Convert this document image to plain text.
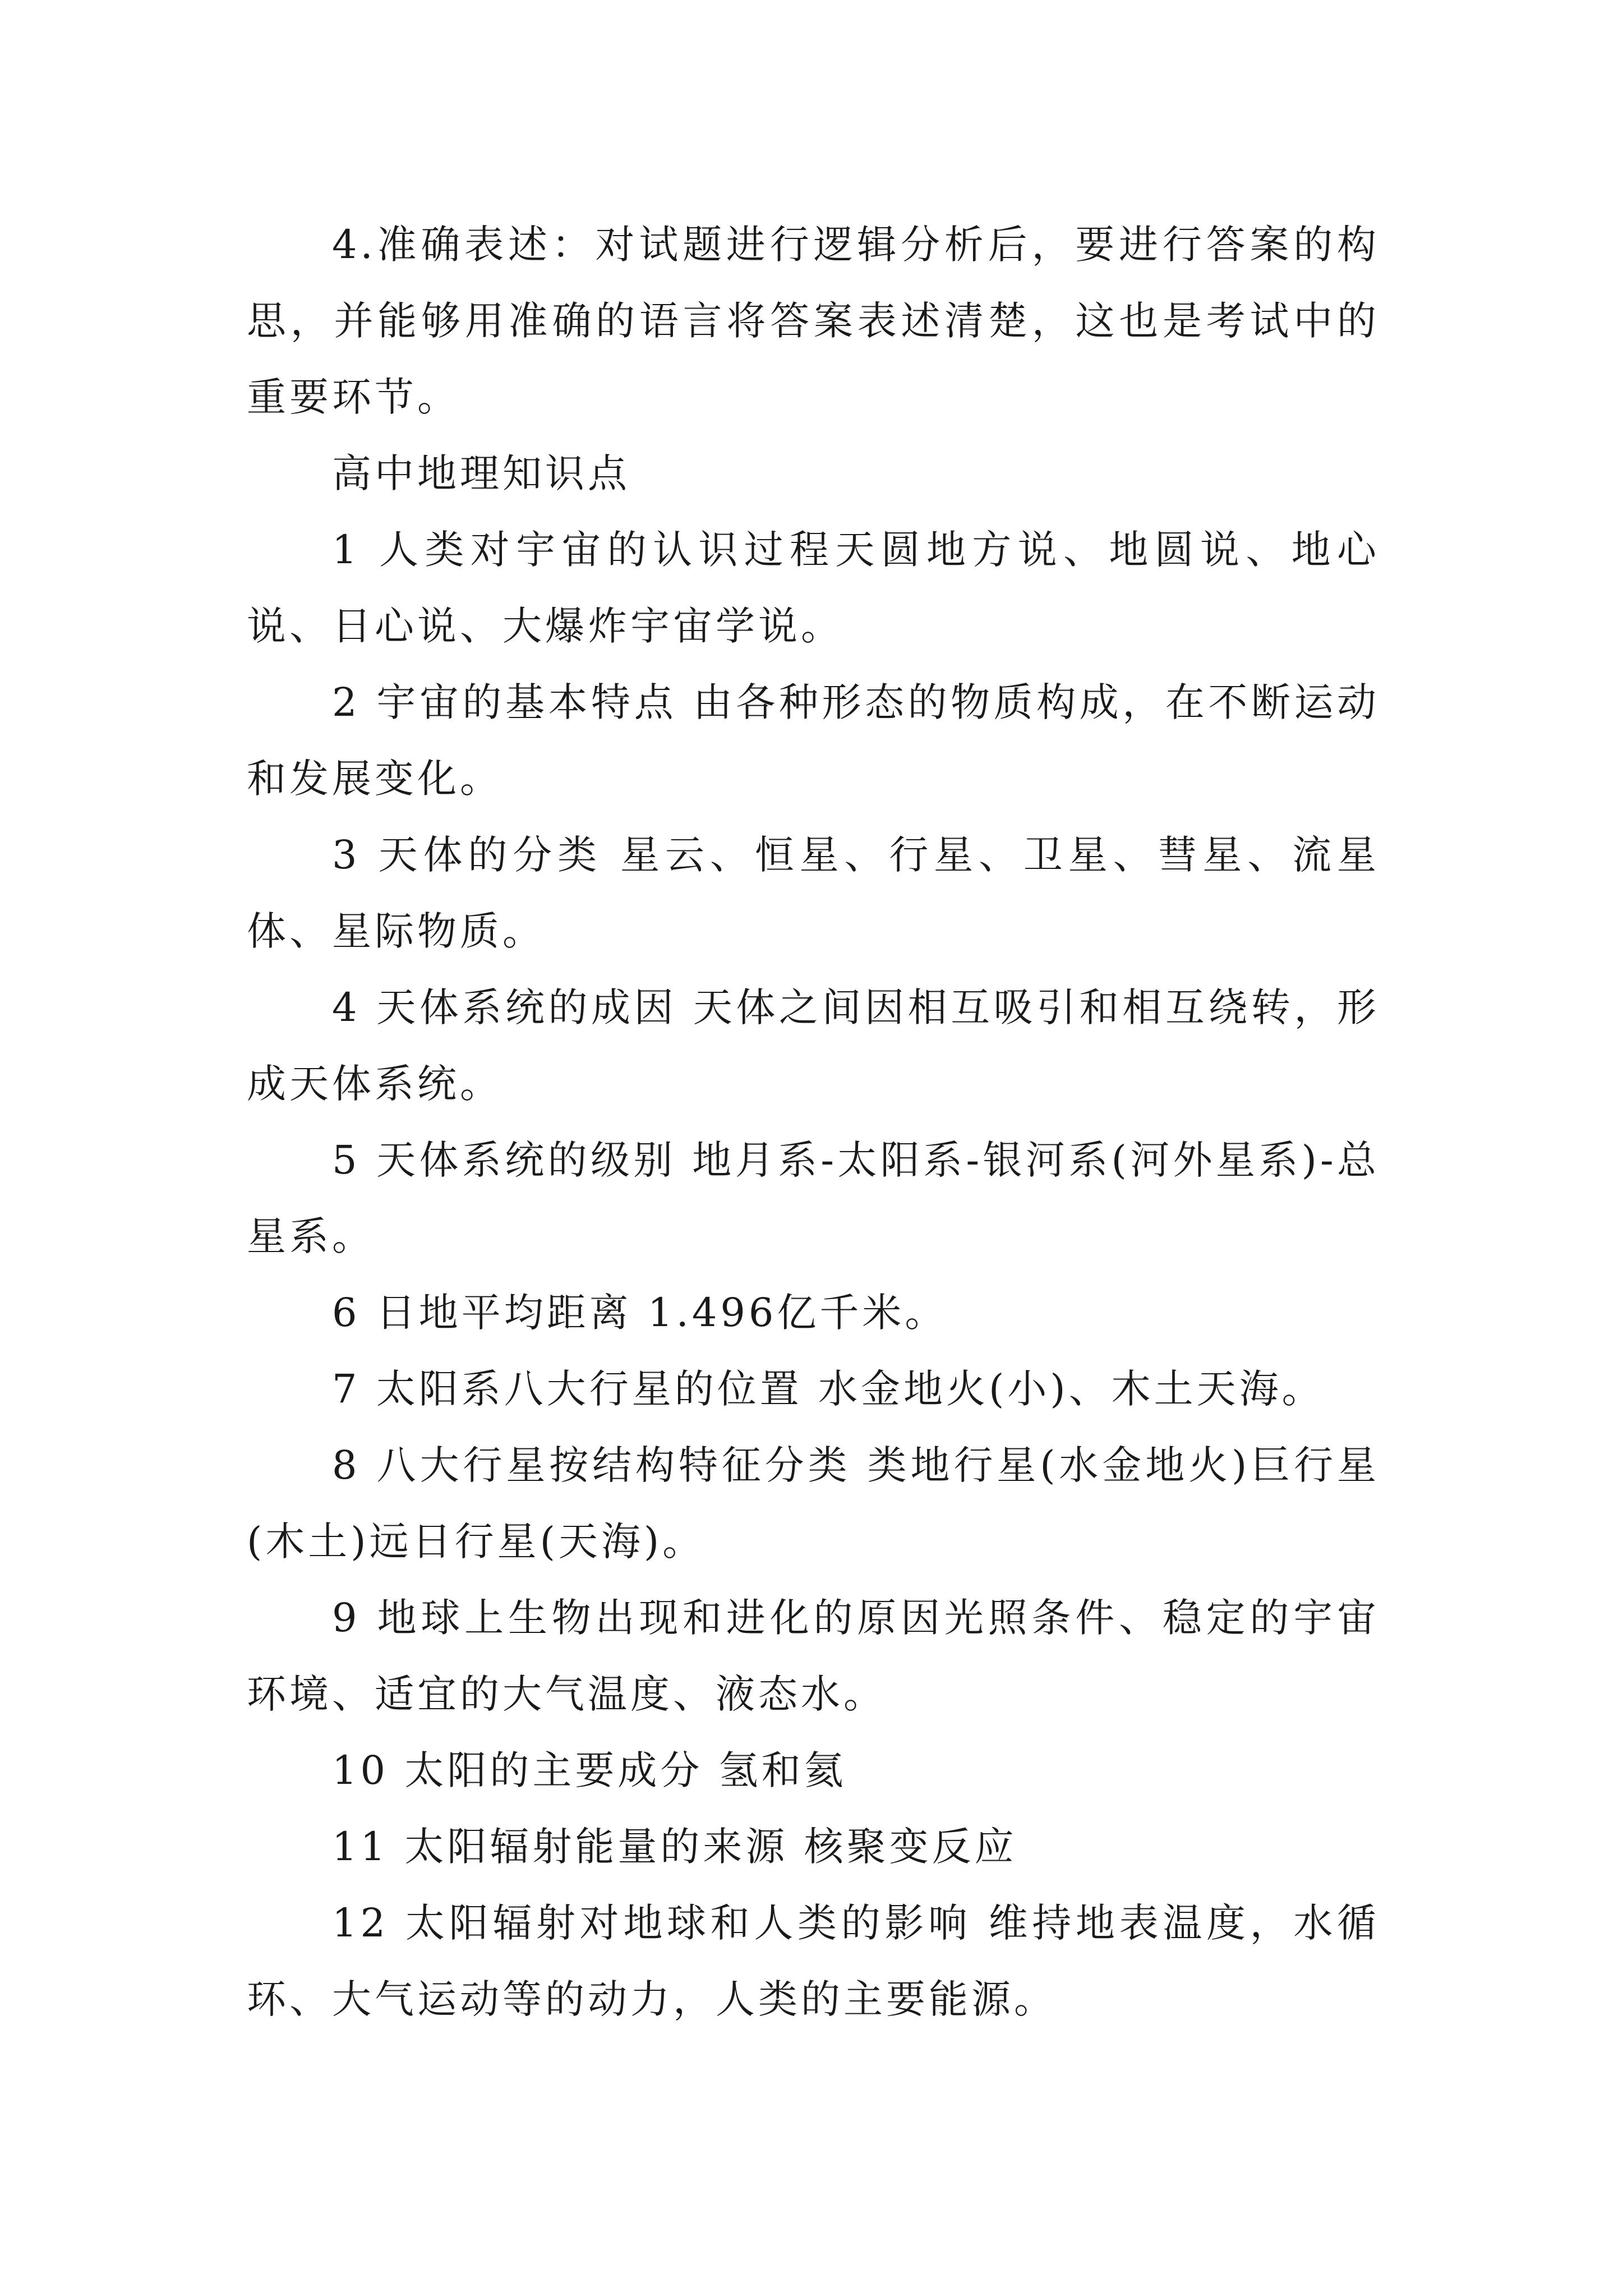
4.准确表述：对试题进行逻辑分析后，要进行答案的构思，并能够用准确的语言将答案表述清楚，这也是考试中的重要环节。

高中地理知识点

1 人类对宇宙的认识过程天圆地方说、地圆说、地心说、日心说、大爆炸宇宙学说。

2 宇宙的基本特点 由各种形态的物质构成，在不断运动和发展变化。

3 天体的分类 星云、恒星、行星、卫星、彗星、流星体、星际物质。

4 天体系统的成因 天体之间因相互吸引和相互绕转，形成天体系统。

5 天体系统的级别 地月系-太阳系-银河系(河外星系)-总星系。

6 日地平均距离 1.496亿千米。

7 太阳系八大行星的位置 水金地火(小)、木土天海。

8 八大行星按结构特征分类 类地行星(水金地火)巨行星(木土)远日行星(天海)。

9 地球上生物出现和进化的原因光照条件、稳定的宇宙环境、适宜的大气温度、液态水。

10 太阳的主要成分 氢和氦

11 太阳辐射能量的来源 核聚变反应

12 太阳辐射对地球和人类的影响 维持地表温度，水循环、大气运动等的动力，人类的主要能源。
